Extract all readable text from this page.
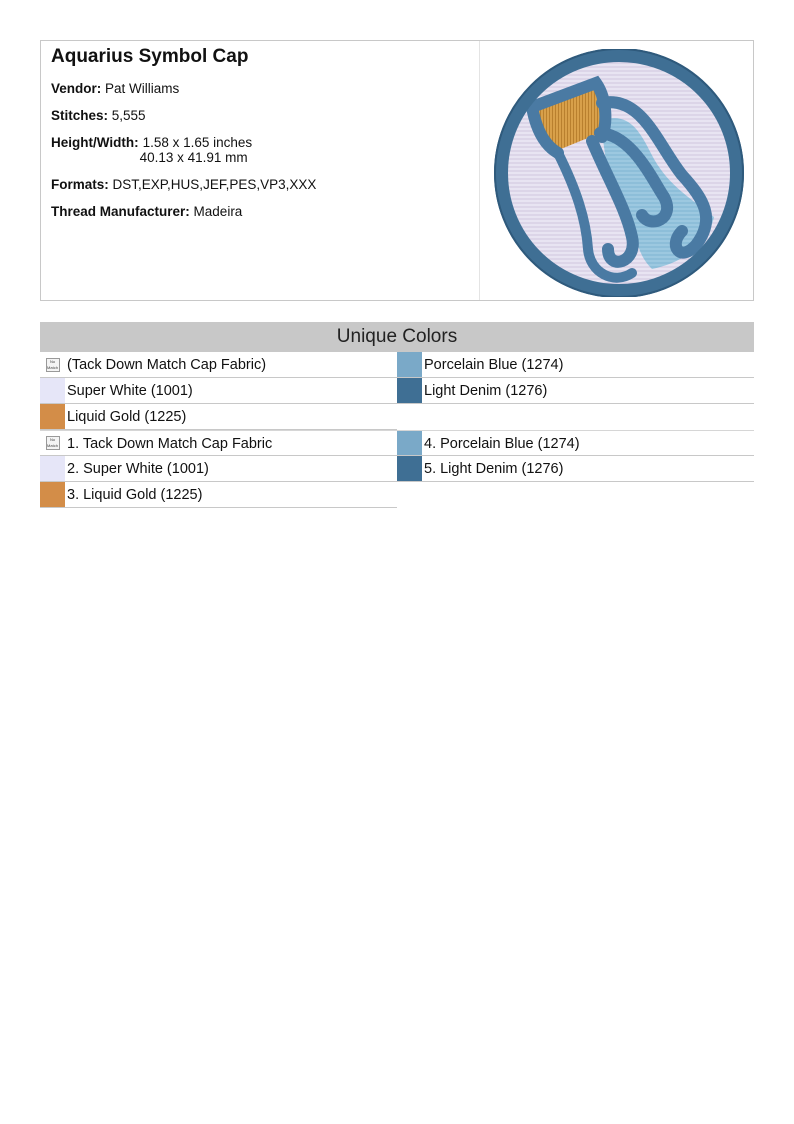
Aquarius Symbol Cap
Vendor: Pat Williams
Stitches: 5,555
Height/Width: 1.58 x 1.65 inches
40.13 x 41.91 mm
Formats: DST,EXP,HUS,JEF,PES,VP3,XXX
Thread Manufacturer: Madeira
Unique Colors
No Match (Tack Down Match Cap Fabric)	Porcelain Blue (1274)
Super White (1001)	Light Denim (1276)
Liquid Gold (1225)
No Match 1. Tack Down Match Cap Fabric	4. Porcelain Blue (1274)
2. Super White (1001)	5. Light Denim (1276)
3. Liquid Gold (1225)
